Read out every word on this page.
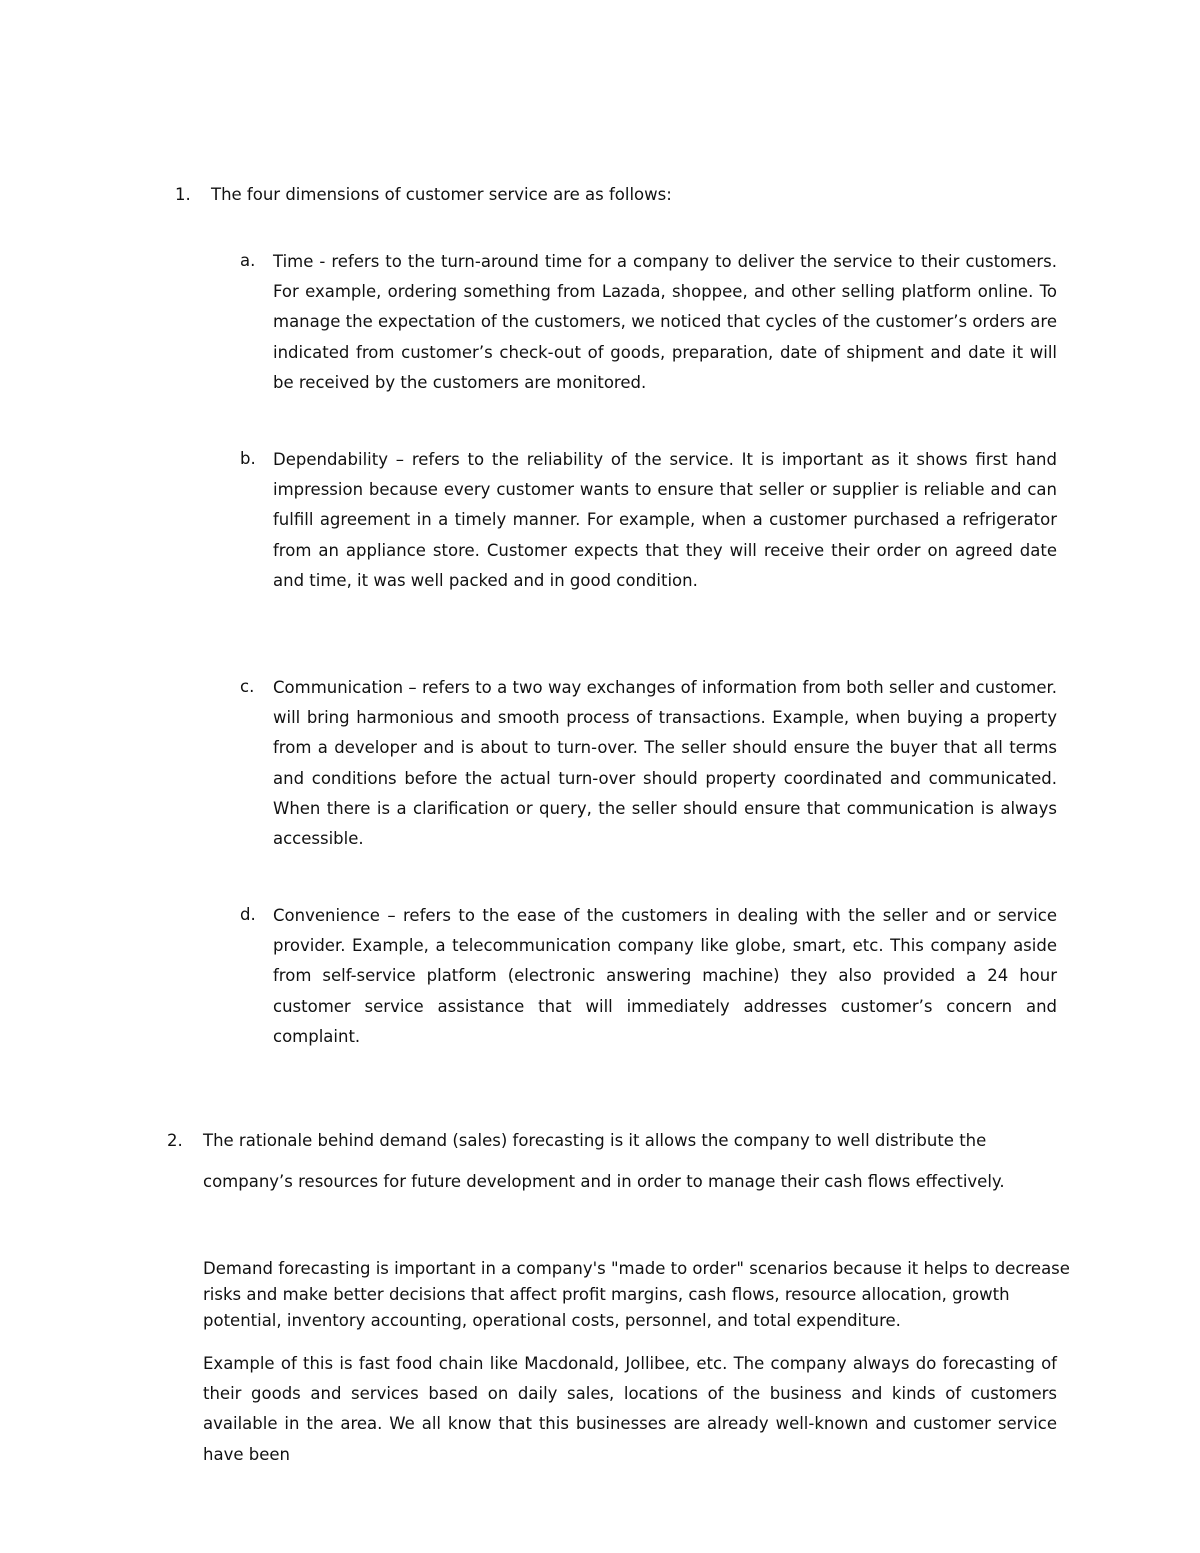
1. The four dimensions of customer service are as follows:

a. Time - refers to the turn-around time for a company to deliver the service to their customers. For example, ordering something from Lazada, shoppee, and other selling platform online. To manage the expectation of the customers, we noticed that cycles of the customer’s orders are indicated from customer’s check-out of goods, preparation, date of shipment and date it will be received by the customers are monitored.

b. Dependability – refers to the reliability of the service. It is important as it shows first hand impression because every customer wants to ensure that seller or supplier is reliable and can fulfill agreement in a timely manner. For example, when a customer purchased a refrigerator from an appliance store. Customer expects that they will receive their order on agreed date and time, it was well packed and in good condition.

c. Communication – refers to a two way exchanges of information from both seller and customer. will bring harmonious and smooth process of transactions. Example, when buying a property from a developer and is about to turn-over. The seller should ensure the buyer that all terms and conditions before the actual turn-over should property coordinated and communicated. When there is a clarification or query, the seller should ensure that communication is always accessible.

d. Convenience – refers to the ease of the customers in dealing with the seller and or service provider. Example, a telecommunication company like globe, smart, etc. This company aside from self-service platform (electronic answering machine) they also provided a 24 hour customer service assistance that will immediately addresses customer’s concern and complaint.

2. The rationale behind demand (sales) forecasting is it allows the company to well distribute the

company’s resources for future development and in order to manage their cash flows effectively.

Demand forecasting is important in a company's "made to order" scenarios because it helps to decrease risks and make better decisions that affect profit margins, cash flows, resource allocation, growth potential, inventory accounting, operational costs, personnel, and total expenditure.

Example of this is fast food chain like Macdonald, Jollibee, etc. The company always do forecasting of their goods and services based on daily sales, locations of the business and kinds of customers available in the area. We all know that this businesses are already well-known and customer service have been
